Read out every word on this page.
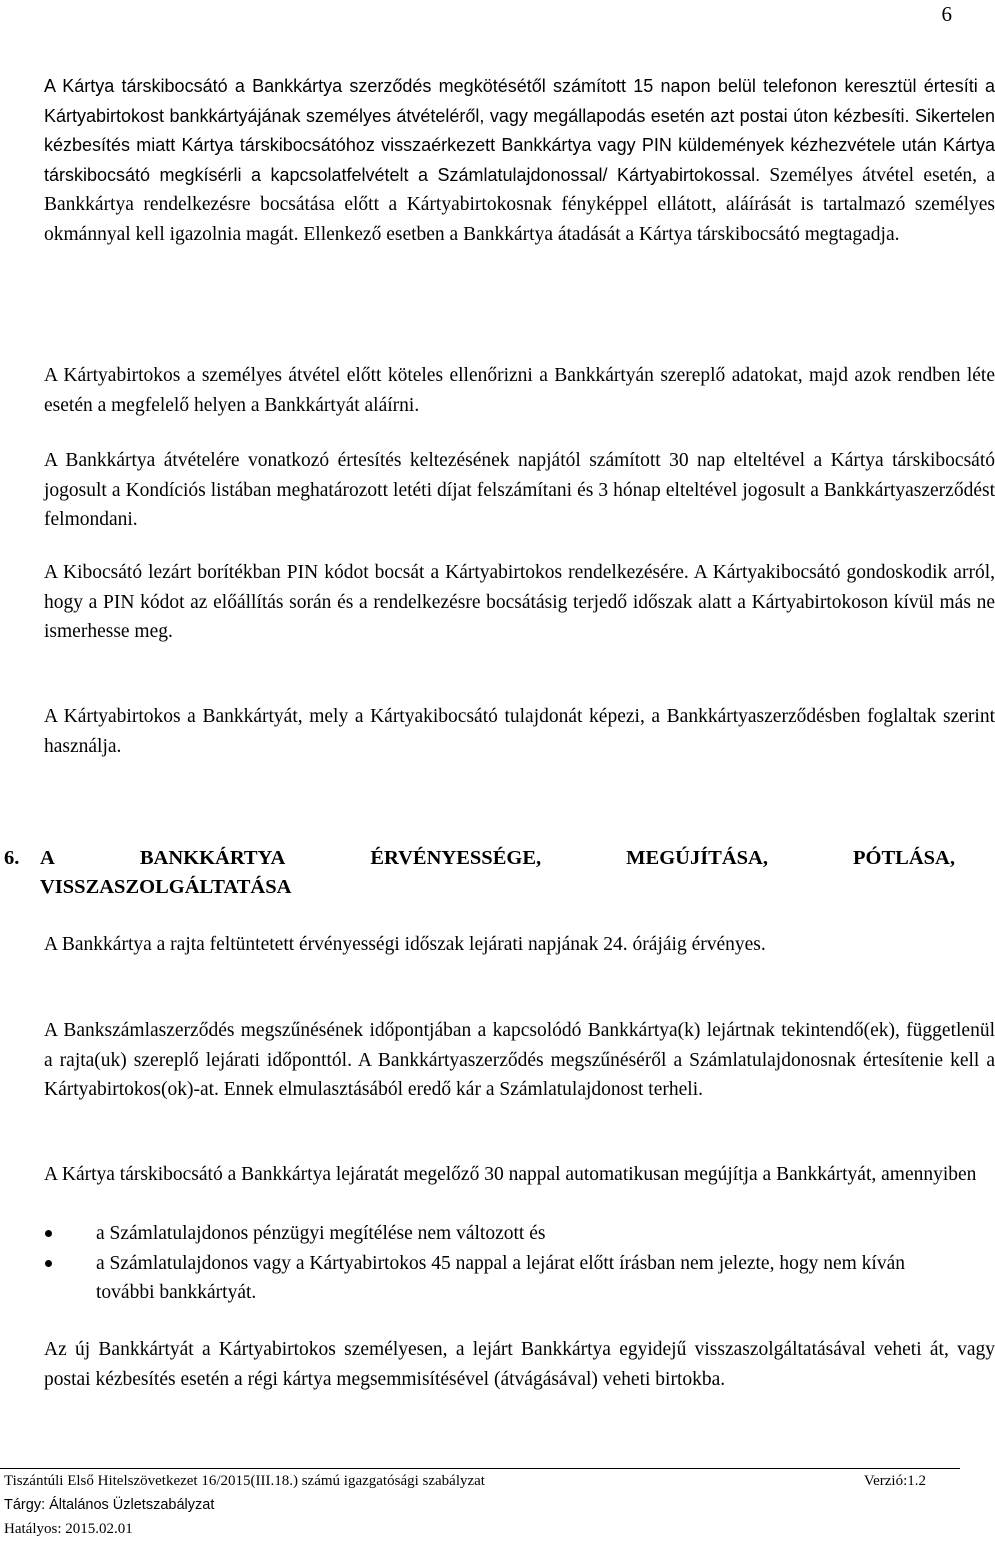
6

A Kártya társkibocsátó a Bankkártya szerződés megkötésétől számított 15 napon belül telefonon keresztül értesíti a Kártyabirtokost bankkártyájának személyes átvételéről, vagy megállapodás esetén azt postai úton kézbesíti. Sikertelen kézbesítés miatt Kártya társkibocsátóhoz visszaérkezett Bankkártya vagy PIN küldemények kézhezvétele után Kártya társkibocsátó megkísérli a kapcsolatfelvételt a Számlatulajdonossal/ Kártyabirtokossal. Személyes átvétel esetén, a Bankkártya rendelkezésre bocsátása előtt a Kártyabirtokosnak fényképpel ellátott, aláírását is tartalmazó személyes okmánnyal kell igazolnia magát. Ellenkező esetben a Bankkártya átadását a Kártya társkibocsátó megtagadja.

A Kártyabirtokos a személyes átvétel előtt köteles ellenőrizni a Bankkártyán szereplő adatokat, majd azok rendben léte esetén a megfelelő helyen a Bankkártyát aláírni.

A Bankkártya átvételére vonatkozó értesítés keltezésének napjától számított 30 nap elteltével a Kártya társkibocsátó jogosult a Kondíciós listában meghatározott letéti díjat felszámítani és 3 hónap elteltével jogosult a Bankkártyaszerződést felmondani.

A Kibocsátó lezárt borítékban PIN kódot bocsát a Kártyabirtokos rendelkezésére. A Kártyakibocsátó gondoskodik arról, hogy a PIN kódot az előállítás során és a rendelkezésre bocsátásig terjedő időszak alatt a Kártyabirtokoson kívül más ne ismerhesse meg.

A Kártyabirtokos a Bankkártyát, mely a Kártyakibocsátó tulajdonát képezi, a Bankkártyaszerződésben foglaltak szerint használja.

6. A	BANKKÁRTYA	ÉRVÉNYESSÉGE,	MEGÚJÍTÁSA,	PÓTLÁSA,
VISSZASZOLGÁLTATÁSA

A Bankkártya a rajta feltüntetett érvényességi időszak lejárati napjának 24. órájáig érvényes.

A Bankszámlaszerződés megszűnésének időpontjában a kapcsolódó Bankkártya(k) lejártnak tekintendő(ek), függetlenül a rajta(uk) szereplő lejárati időponttól. A Bankkártyaszerződés megszűnéséről a Számlatulajdonosnak értesítenie kell a Kártyabirtokos(ok)-at. Ennek elmulasztásából eredő kár a Számlatulajdonost terheli.

A Kártya társkibocsátó a Bankkártya lejáratát megelőző 30 nappal automatikusan megújítja a Bankkártyát, amennyiben

a Számlatulajdonos pénzügyi megítélése nem változott és
a Számlatulajdonos vagy a Kártyabirtokos 45 nappal a lejárat előtt írásban nem jelezte, hogy nem kíván további bankkártyát.

Az új Bankkártyát a Kártyabirtokos személyesen, a lejárt Bankkártya egyidejű visszaszolgáltatásával veheti át, vagy postai kézbesítés esetén a régi kártya megsemmisítésével (átvágásával) veheti birtokba.

Tiszántúli Első Hitelszövetkezet 16/2015(III.18.) számú igazgatósági szabályzat	Verzió:1.2
Tárgy: Általános Üzletszabályzat
Hatályos: 2015.02.01
